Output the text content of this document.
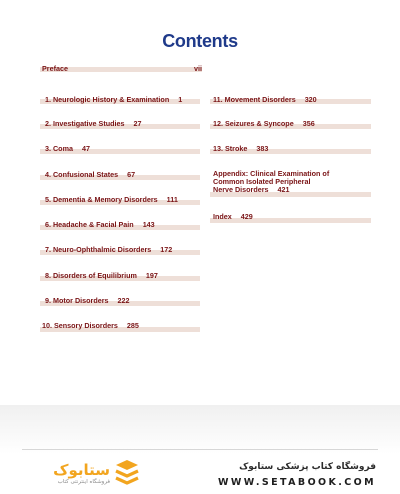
Contents
Preface	vii
1. Neurologic History & Examination 1
2. Investigative Studies 27
3. Coma 47
4. Confusional States 67
5. Dementia & Memory Disorders 111
6. Headache & Facial Pain 143
7. Neuro-Ophthalmic Disorders 172
8. Disorders of Equilibrium 197
9. Motor Disorders 222
10. Sensory Disorders 285
11. Movement Disorders 320
12. Seizures & Syncope 356
13. Stroke 383
Appendix: Clinical Examination of
Common Isolated Peripheral
Nerve Disorders 421
Index 429
ستابوک
فروشگاه اینترنتی کتاب
فروشگاه کتاب پزشکی ستابوک
WWW.SETABOOK.COM
